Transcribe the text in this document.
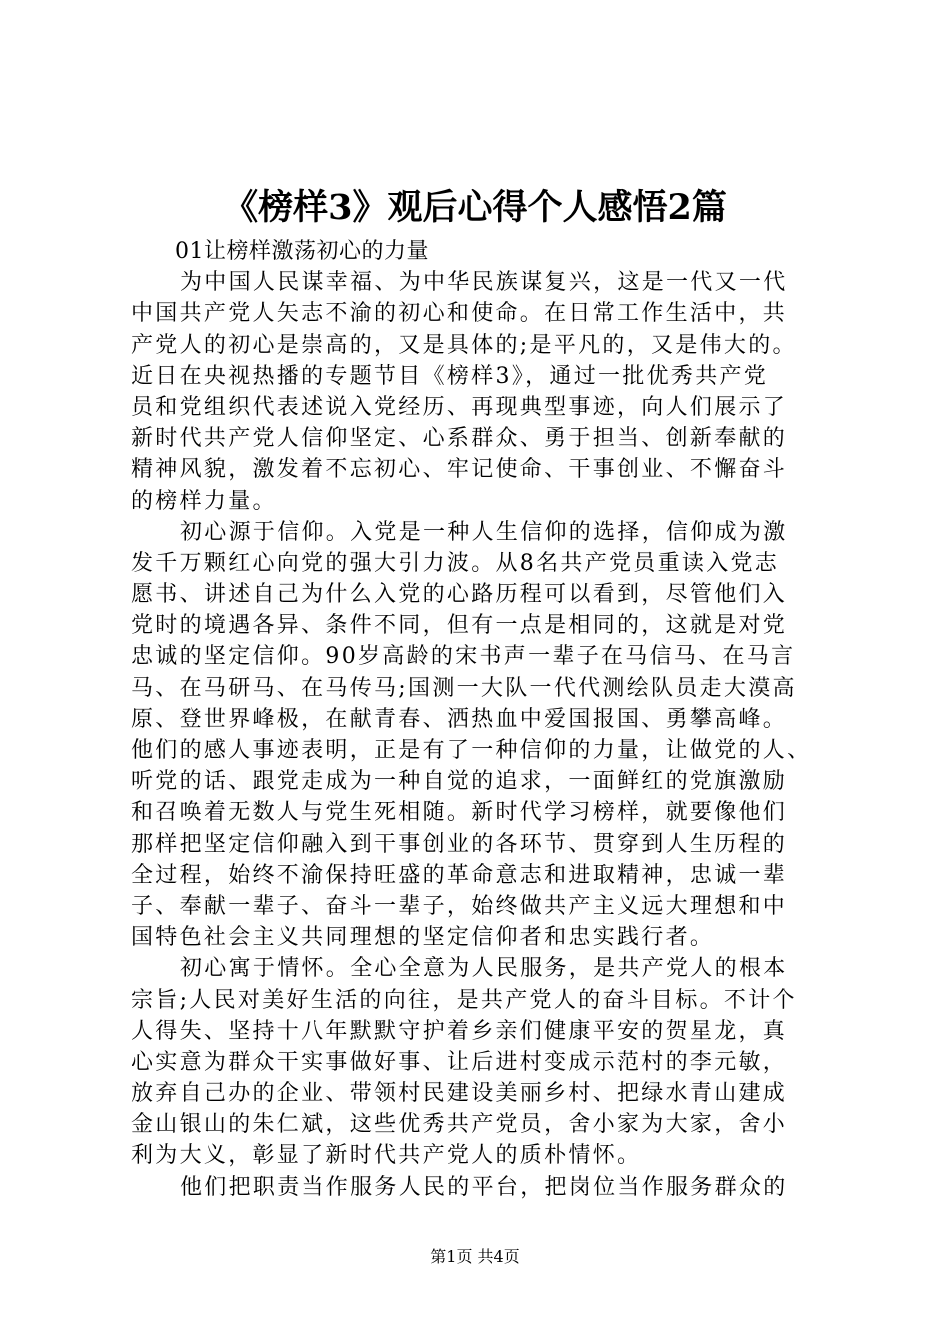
《榜样3》观后心得个人感悟2篇
01让榜样激荡初心的力量
为中国人民谋幸福、为中华民族谋复兴，这是一代又一代
中国共产党人矢志不渝的初心和使命。在日常工作生活中，共
产党人的初心是崇高的，又是具体的;是平凡的，又是伟大的。
近日在央视热播的专题节目《榜样3》，通过一批优秀共产党
员和党组织代表述说入党经历、再现典型事迹，向人们展示了
新时代共产党人信仰坚定、心系群众、勇于担当、创新奉献的
精神风貌，激发着不忘初心、牢记使命、干事创业、不懈奋斗
的榜样力量。
初心源于信仰。入党是一种人生信仰的选择，信仰成为激
发千万颗红心向党的强大引力波。从8名共产党员重读入党志
愿书、讲述自己为什么入党的心路历程可以看到，尽管他们入
党时的境遇各异、条件不同，但有一点是相同的，这就是对党
忠诚的坚定信仰。90岁高龄的宋书声一辈子在马信马、在马言
马、在马研马、在马传马;国测一大队一代代测绘队员走大漠高
原、登世界峰极，在献青春、洒热血中爱国报国、勇攀高峰。
他们的感人事迹表明，正是有了一种信仰的力量，让做党的人、
听党的话、跟党走成为一种自觉的追求，一面鲜红的党旗激励
和召唤着无数人与党生死相随。新时代学习榜样，就要像他们
那样把坚定信仰融入到干事创业的各环节、贯穿到人生历程的
全过程，始终不渝保持旺盛的革命意志和进取精神，忠诚一辈
子、奉献一辈子、奋斗一辈子，始终做共产主义远大理想和中
国特色社会主义共同理想的坚定信仰者和忠实践行者。
初心寓于情怀。全心全意为人民服务，是共产党人的根本
宗旨;人民对美好生活的向往，是共产党人的奋斗目标。不计个
人得失、坚持十八年默默守护着乡亲们健康平安的贺星龙，真
心实意为群众干实事做好事、让后进村变成示范村的李元敏，
放弃自己办的企业、带领村民建设美丽乡村、把绿水青山建成
金山银山的朱仁斌，这些优秀共产党员，舍小家为大家，舍小
利为大义，彰显了新时代共产党人的质朴情怀。
他们把职责当作服务人民的平台，把岗位当作服务群众的
第1页 共4页
